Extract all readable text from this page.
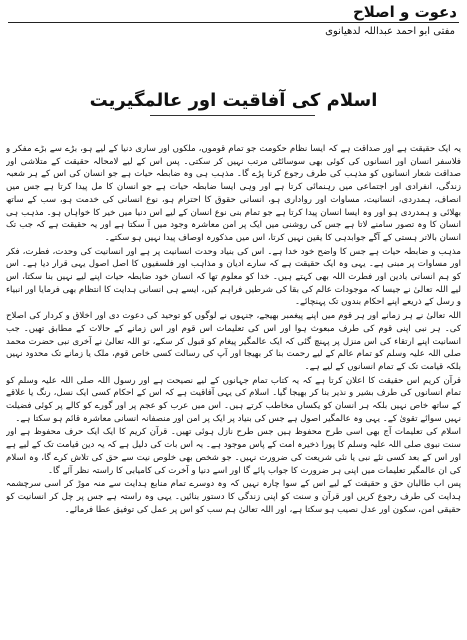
دعوت و اصلاح
مفتی ابو احمد عبداللہ لدھیانوی
اسلام کی آفاقیت اور عالمگیریت

یہ ایک حقیقت ہے اور صداقت ہے کہ ایسا نظام حکومت جو تمام قوموں، ملکوں اور ساری دنیا کے لیے ہو، بڑے سے بڑے مفکر و فلاسفر انسان اور انسانوں کی کوئی بھی سوسائٹی مرتب نہیں کر سکتی۔ پس اس کے لیے لامحالہ حقیقت کے متلاشی اور صداقت شعار انسانوں کو مذہب کی طرف رجوع کرنا پڑے گا۔ مذہب ہی وہ ضابطہ حیات ہے جو انسان کی اس کے ہر شعبہ زندگی، انفرادی اور اجتماعی میں رہنمائی کرتا ہے اور وہی ایسا ضابطہ حیات ہے جو انسان کا مل پیدا کرتا ہے جس میں انصاف، ہمدردی، انسانیت، مساوات اور رواداری ہو، انسانی حقوق کا احترام ہو، نوع انسانی کی خدمت ہو، سب کے ساتھ بھلائی و ہمدردی ہو اور وہ ایسا انسان پیدا کرتا ہے جو تمام بنی نوع انسان کے لیے اس دنیا میں خیر کا خواہاں ہو۔ مذہب ہی انسان کا وہ تصور سامنے لاتا ہے جس کی روشنی میں ایک پر امن معاشرہ وجود میں آ سکتا ہے اور یہ حقیقت ہے کہ جب تک انسان بالاتر ہستی کے آگے جوابدہی کا یقین نہیں کرتا، اس میں مذکورہ اوصاف پیدا نہیں ہو سکتے۔

مذہب و ضابطہ حیات ہے جس کا واضح خود خدا ہے۔ اس کی بنیاد وحدت انسانیت پر ہے اور انسانیت کی وحدت، فطرت، فکر اور مساوات پر مبنی ہے۔ یہی وہ ایک حقیقت ہے کہ سارے ادیان و مذاہب اور فلسفیوں کا اصل اصول یہی قرار دیا ہے۔ اس کو ہم انسانی بادین اور فطرت اللہ بھی کہتے ہیں۔ خدا کو معلوم تھا کہ انسان خود ضابطہ حیات اپنے لیے نہیں بنا سکتا، اس لیے اللہ تعالیٰ نے جیسا کہ موجودات عالم کی بقا کی شرطیں فراہم کیں، ایسے ہی انسانی ہدایت کا انتظام بھی فرمایا اور انبیاء و رسل کے ذریعے اپنے احکام بندوں تک پہنچائے۔

اللہ تعالیٰ نے ہر زمانے اور ہر قوم میں اپنے پیغمبر بھیجے، جنہوں نے لوگوں کو توحید کی دعوت دی اور اخلاق و کردار کی اصلاح کی۔ ہر نبی اپنی قوم کی طرف مبعوث ہوا اور اس کی تعلیمات اس قوم اور اس زمانے کے حالات کے مطابق تھیں۔ جب انسانیت اپنے ارتقاء کی اس منزل پر پہنچ گئی کہ ایک عالمگیر پیغام کو قبول کر سکے، تو اللہ تعالیٰ نے آخری نبی حضرت محمد صلی اللہ علیہ وسلم کو تمام عالم کے لیے رحمت بنا کر بھیجا اور آپ کی رسالت کسی خاص قوم، ملک یا زمانے تک محدود نہیں بلکہ قیامت تک کے تمام انسانوں کے لیے ہے۔

قرآن کریم اس حقیقت کا اعلان کرتا ہے کہ یہ کتاب تمام جہانوں کے لیے نصیحت ہے اور رسول اللہ صلی اللہ علیہ وسلم کو تمام انسانوں کی طرف بشیر و نذیر بنا کر بھیجا گیا۔ اسلام کی یہی آفاقیت ہے کہ اس کے احکام کسی ایک نسل، رنگ یا علاقے کے ساتھ خاص نہیں بلکہ ہر انسان کو یکساں مخاطب کرتے ہیں۔ اس میں عرب کو عجم پر اور گورے کو کالے پر کوئی فضیلت نہیں سوائے تقویٰ کے۔ یہی وہ عالمگیر اصول ہے جس کی بنیاد پر ایک پر امن اور منصفانہ انسانی معاشرہ قائم ہو سکتا ہے۔

اسلام کی تعلیمات آج بھی اسی طرح محفوظ ہیں جس طرح نازل ہوئی تھیں۔ قرآن کریم کا ایک ایک حرف محفوظ ہے اور سنت نبوی صلی اللہ علیہ وسلم کا پورا ذخیرہ امت کے پاس موجود ہے۔ یہ اس بات کی دلیل ہے کہ یہ دین قیامت تک کے لیے ہے اور اس کے بعد کسی نئے نبی یا نئی شریعت کی ضرورت نہیں۔ جو شخص بھی خلوص نیت سے حق کی تلاش کرے گا، وہ اسلام کی ان عالمگیر تعلیمات میں اپنی ہر ضرورت کا جواب پائے گا اور اسے دنیا و آخرت کی کامیابی کا راستہ نظر آئے گا۔

پس اب طالبان حق و حقیقت کے لیے اس کے سوا چارہ نہیں کہ وہ دوسرے تمام منابع ہدایت سے منہ موڑ کر اسی سرچشمہ ہدایت کی طرف رجوع کریں اور قرآن و سنت کو اپنی زندگی کا دستور بنائیں۔ یہی وہ راستہ ہے جس پر چل کر انسانیت کو حقیقی امن، سکون اور عدل نصیب ہو سکتا ہے، اور اللہ تعالیٰ ہم سب کو اس پر عمل کی توفیق عطا فرمائے۔
